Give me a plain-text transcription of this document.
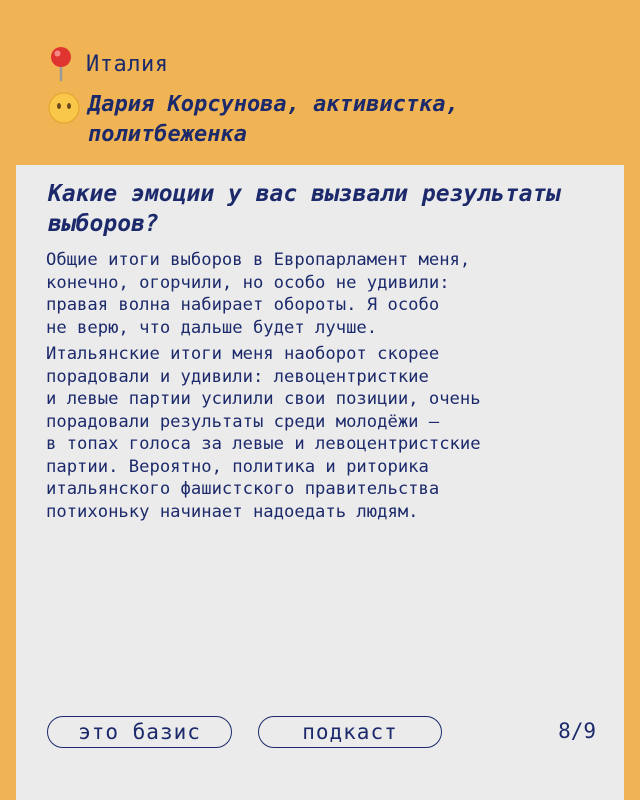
Италия
Дария Корсунова, активистка, политбеженка
Какие эмоции у вас вызвали результаты выборов?

Общие итоги выборов в Европарламент меня,
конечно, огорчили, но особо не удивили:
правая волна набирает обороты. Я особо
не верю, что дальше будет лучше.

Итальянские итоги меня наоборот скорее
порадовали и удивили: левоцентристкие
и левые партии усилили свои позиции, очень
порадовали результаты среди молодёжи –
в топах голоса за левые и левоцентристские
партии. Вероятно, политика и риторика
итальянского фашистского правительства
потихоньку начинает надоедать людям.

это базис	подкаст	8/9
